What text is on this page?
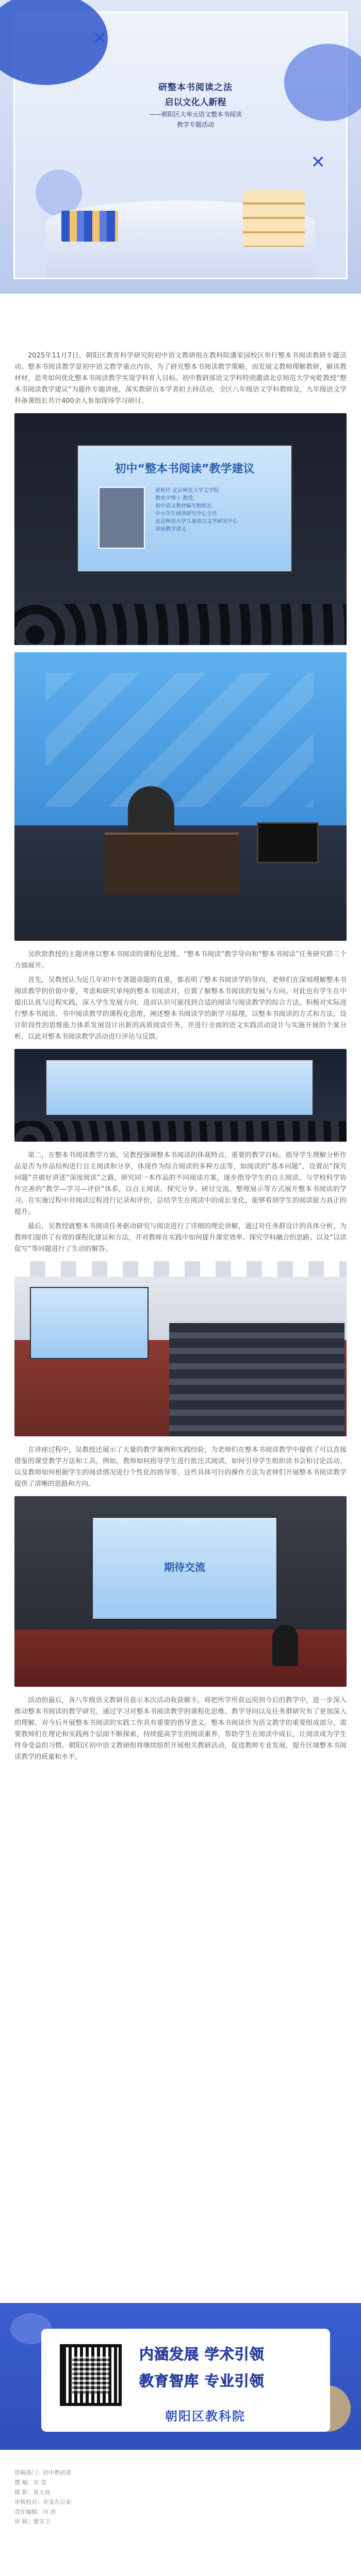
✕
✕
研整本书阅读之法
启以文化人新程
——朝阳区大单元语文整本书阅读
教学专题活动

2025年11月7日，朝阳区教育科学研究院初中语文教研组在教科院潘家园校区举行整本书阅读教研专题活动。整本书阅读教学是初中语文教学重点内容，为了研究整本书阅读教学策略，而发展文教师理解教研，解读教材材，思考如何优化整本书阅读教学实现学科育人目标。初中教研部语文学科特别邀请北京师范大学宛乾教授“整本书阅读教学建议”为题作专题讲座，落实教研员本学者担主持活动，全区八年级语文学科教师及，九年级语文学科备课组长共计400余人参加现场学习研讨。

初中“整本书阅读”教学建议
张秋玲 北京师范大学文学院
教育学博士 教授，
初中语文教材编写组组长
中小学生阅读研究中心主任
北京师范大学儿童语言文学研究中心
讲座教学讲义

吴欣歆教授的主题讲座以整本书阅读的课程化思维、“整本书阅读”教学导向和“整本书阅读”任务研究群三个方面展开。

首先，吴教授认为近几年初中专著题命题的直重，都表明了整本书阅读学的导向，老师们在深刻理解整本书阅读教学的价值中要，考虑和研究单纯的整本书阅读对，位置了解整本书阅读的发展与方向。对此也有学生在中提出认真与过程实践，深入学生发展方向，进而认识可能找到合适的阅读与阅读教学的综合方法。积极对实际进行整本书阅读、书中阅读教学的课程化思维，阐述整本书阅读学的新学习原理，以整本书阅读的方式和方法，设计阶段性的思维能力体系发展设计出新的高质阅读任务，并进行全面的语文实践活动设计与实施开展的个案分析，以此对整本书阅读教学活动进行评估与反馈。

第二，在整本书阅读教学方面，吴教授强调整本书阅读的体裁特点，重要的教学目标，指导学生理解分析作品是否为作品结构进行自主阅读和分享，体现作为综合阅读的多种方法等，如阅读的“基本问题”，设置出“探究问题”并做好讲述“深度阅读”之路，研究同一本作品的不同阅读方案，逐步指导学生的自主阅读，与学校科学协作完善的“教学—学习—评价”体系，以自主阅读、探究分享、研讨交流、整理展示等方式展开整本书阅读的学习，在实施过程中对阅读过程进行记录和评价，总结学生在阅读中的成长变化，能够看到学生的阅读能力真正的提升。

最后，吴教授就整本书阅读任务驱动研究与阅读进行了详细的理论讲解，通过对任务群设计的具体分析，为教师们提供了有效的课程化建议和方法，并对教师在实践中如何提升课堂效率、探究学科融合的思路、以及“以读促写”等问题进行了生动的解答。

在讲座过程中，吴教授还展示了大量的教学案例和实践经验，为老师们在整本书阅读教学中提供了可以直接借鉴的课堂教学方法和工具，例如，教师如何指导学生进行批注式阅读，如何引导学生组织读书会和讨论活动，以及教师如何根据学生的阅读情况进行个性化的指导等，这些具体可行的操作方法为老师们开展整本书阅读教学提供了清晰的思路和方向。

期待交流

活动的最后，各八年级语文教研员表示本次活动收获颇丰，将把所学所获运用到今后的教学中，进一步深入推动整本书阅读的教学研究，通过学习对整本书阅读教学的课程化思维、教学导向以及任务群研究有了更加深入的理解，对今后开展整本书阅读的实践工作具有重要的指导意义。整本书阅读作为语文教学的重要组成部分，需要教师们在理论和实践两个层面不断探索，持续提高学生的阅读素养，帮助学生在阅读中成长，让阅读成为学生终身受益的习惯。朝阳区初中语文教研组将继续组织开展相关教研活动，促进教师专业发展，提升区域整本书阅读教学的质量和水平。

内涵发展 学术引领
教育智库 专业引领
朝阳区教科院
供稿部门：初中教研部
撰 稿：宋 莹
摄 影：易大成
审核校对：宋莹办公室
责任编辑：田 浩
审 核：董宋卫
